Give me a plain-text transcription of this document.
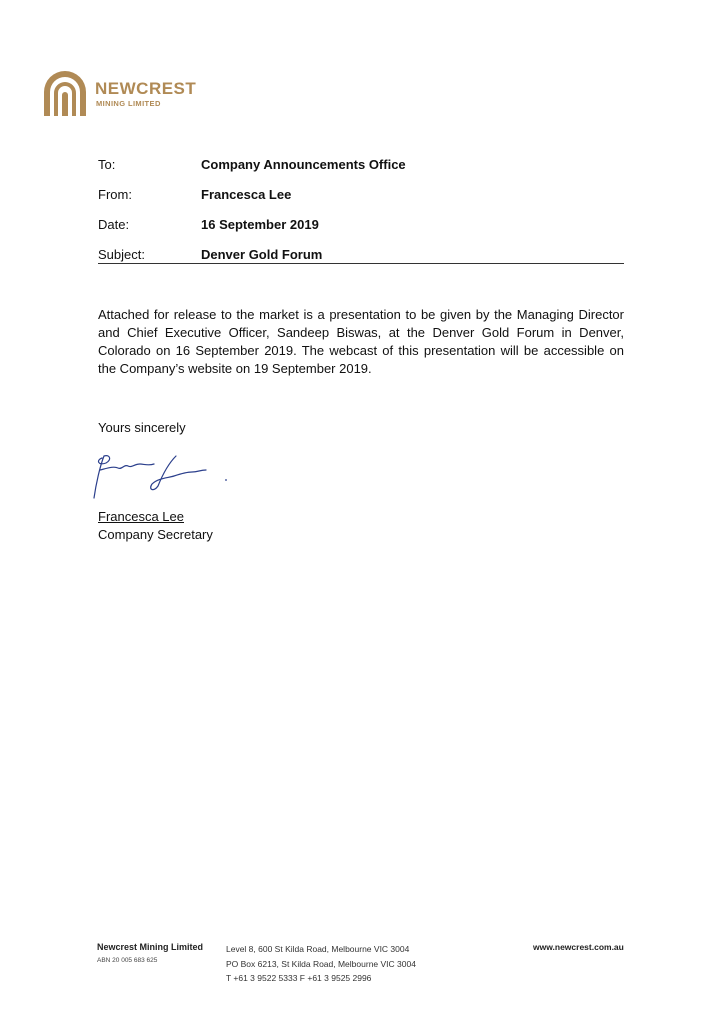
NEWCREST
MINING LIMITED
To:	Company Announcements Office
From:	Francesca Lee
Date:	16 September 2019
Subject:	Denver Gold Forum

Attached for release to the market is a presentation to be given by the Managing Director and Chief Executive Officer, Sandeep Biswas, at the Denver Gold Forum in Denver, Colorado on 16 September 2019. The webcast of this presentation will be accessible on the Company’s website on 19 September 2019.

Yours sincerely
Francesca Lee
Company Secretary
Newcrest Mining Limited
ABN 20 005 683 625
Level 8, 600 St Kilda Road, Melbourne VIC 3004
PO Box 6213, St Kilda Road, Melbourne VIC 3004
T +61 3 9522 5333 F +61 3 9525 2996
www.newcrest.com.au
